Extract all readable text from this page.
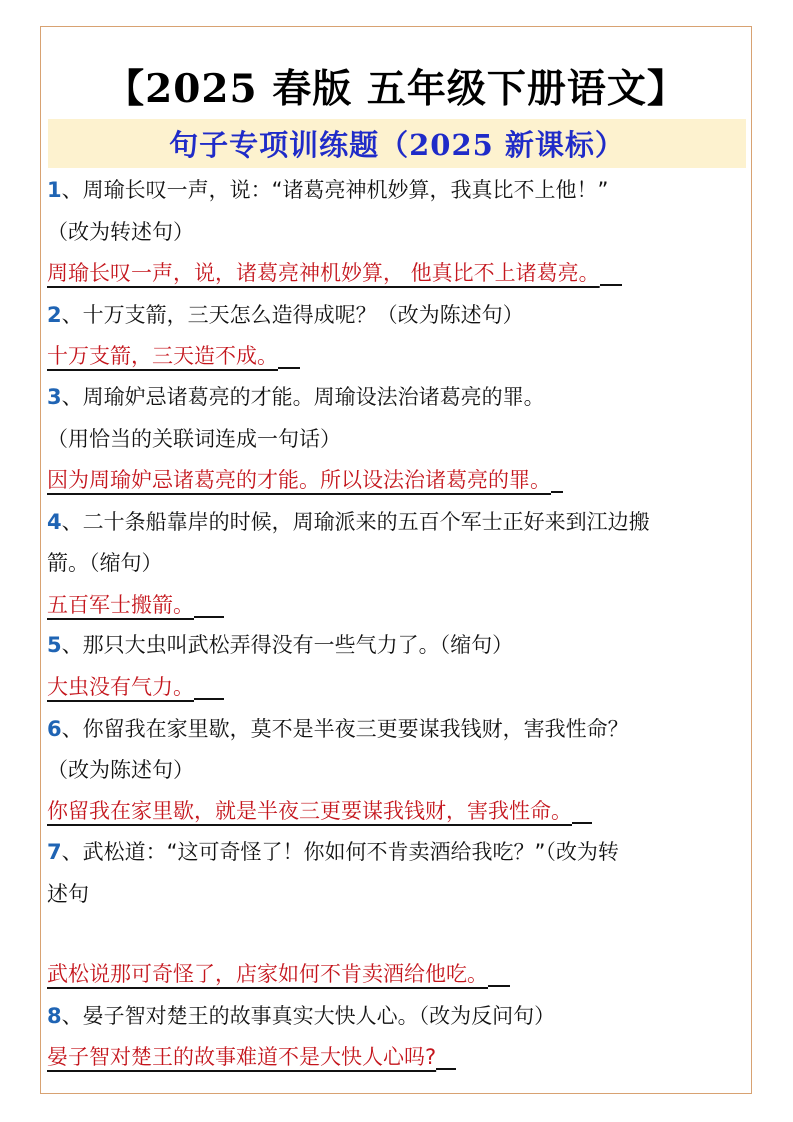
【2025 春版 五年级下册语文】
句子专项训练题（2025 新课标）
1、周瑜长叹一声，说：“诸葛亮神机妙算，我真比不上他！”
（改为转述句）
周瑜长叹一声，说，诸葛亮神机妙算， 他真比不上诸葛亮。
2、十万支箭，三天怎么造得成呢？（改为陈述句）
十万支箭，三天造不成。
3、周瑜妒忌诸葛亮的才能。周瑜设法治诸葛亮的罪。
（用恰当的关联词连成一句话）
因为周瑜妒忌诸葛亮的才能。所以设法治诸葛亮的罪。
4、二十条船靠岸的时候，周瑜派来的五百个军士正好来到江边搬
箭。（缩句）
五百军士搬箭。
5、那只大虫叫武松弄得没有一些气力了。（缩句）
大虫没有气力。
6、你留我在家里歇，莫不是半夜三更要谋我钱财，害我性命？
（改为陈述句）
你留我在家里歇，就是半夜三更要谋我钱财，害我性命。
7、武松道：“这可奇怪了！你如何不肯卖酒给我吃？”（改为转
述句
武松说那可奇怪了，店家如何不肯卖酒给他吃。
8、晏子智对楚王的故事真实大快人心。（改为反问句）
晏子智对楚王的故事难道不是大快人心吗?
